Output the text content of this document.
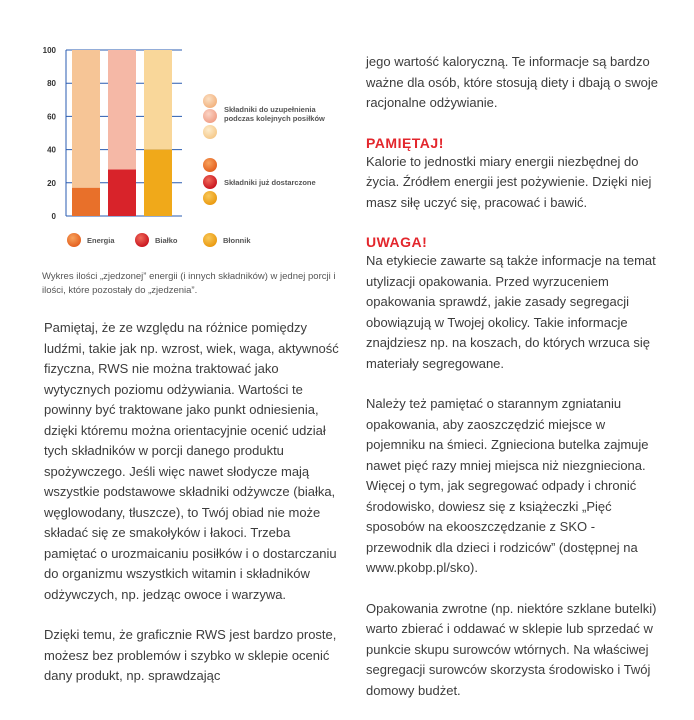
0
20
40
60
80
100
Składniki do uzupełnienia podczas kolejnych posiłków
Składniki już dostarczone
Energia	Białko	Błonnik
Wykres ilości „zjedzonej” energii (i innych składników) w jednej porcji i ilości, które pozostały do „zjedzenia”.

Pamiętaj, że ze względu na różnice pomiędzy ludźmi, takie jak np. wzrost, wiek, waga, aktywność fizyczna, RWS nie można traktować jako wytycznych poziomu odżywiania. Wartości te powinny być traktowane jako punkt odniesienia, dzięki któremu można orientacyjnie ocenić udział tych składników w porcji danego produktu spożywczego. Jeśli więc nawet słodycze mają wszystkie podstawowe składniki odżywcze (białka, węglowodany, tłuszcze), to Twój obiad nie może składać się ze smakołyków i łakoci. Trzeba pamiętać o urozmaicaniu posiłków i o dostarczaniu do organizmu wszystkich witamin i składników odżywczych, np. jedząc owoce i warzywa.

Dzięki temu, że graficznie RWS jest bardzo proste, możesz bez problemów i szybko w sklepie ocenić dany produkt, np. sprawdzając

jego wartość kaloryczną. Te informacje są bardzo ważne dla osób, które stosują diety i dbają o swoje racjonalne odżywianie.

PAMIĘTAJ!

Kalorie to jednostki miary energii niezbędnej do życia. Źródłem energii jest pożywienie. Dzięki niej masz siłę uczyć się, pracować i bawić.

UWAGA!

Na etykiecie zawarte są także informacje na temat utylizacji opakowania. Przed wyrzuceniem opakowania sprawdź, jakie zasady segregacji obowiązują w Twojej okolicy. Takie informacje znajdziesz np. na koszach, do których wrzuca się materiały segregowane.

Należy też pamiętać o starannym zgniataniu opakowania, aby zaoszczędzić miejsce w pojemniku na śmieci. Zgnieciona butelka zajmuje nawet pięć razy mniej miejsca niż niezgnieciona. Więcej o tym, jak segregować odpady i chronić środowisko, dowiesz się z książeczki „Pięć sposobów na ekooszczędzanie z SKO - przewodnik dla dzieci i rodziców” (dostępnej na www.pkobp.pl/sko).

Opakowania zwrotne (np. niektóre szklane butelki) warto zbierać i oddawać w sklepie lub sprzedać w punkcie skupu surowców wtórnych. Na właściwej segregacji surowców skorzysta środowisko i Twój domowy budżet.
